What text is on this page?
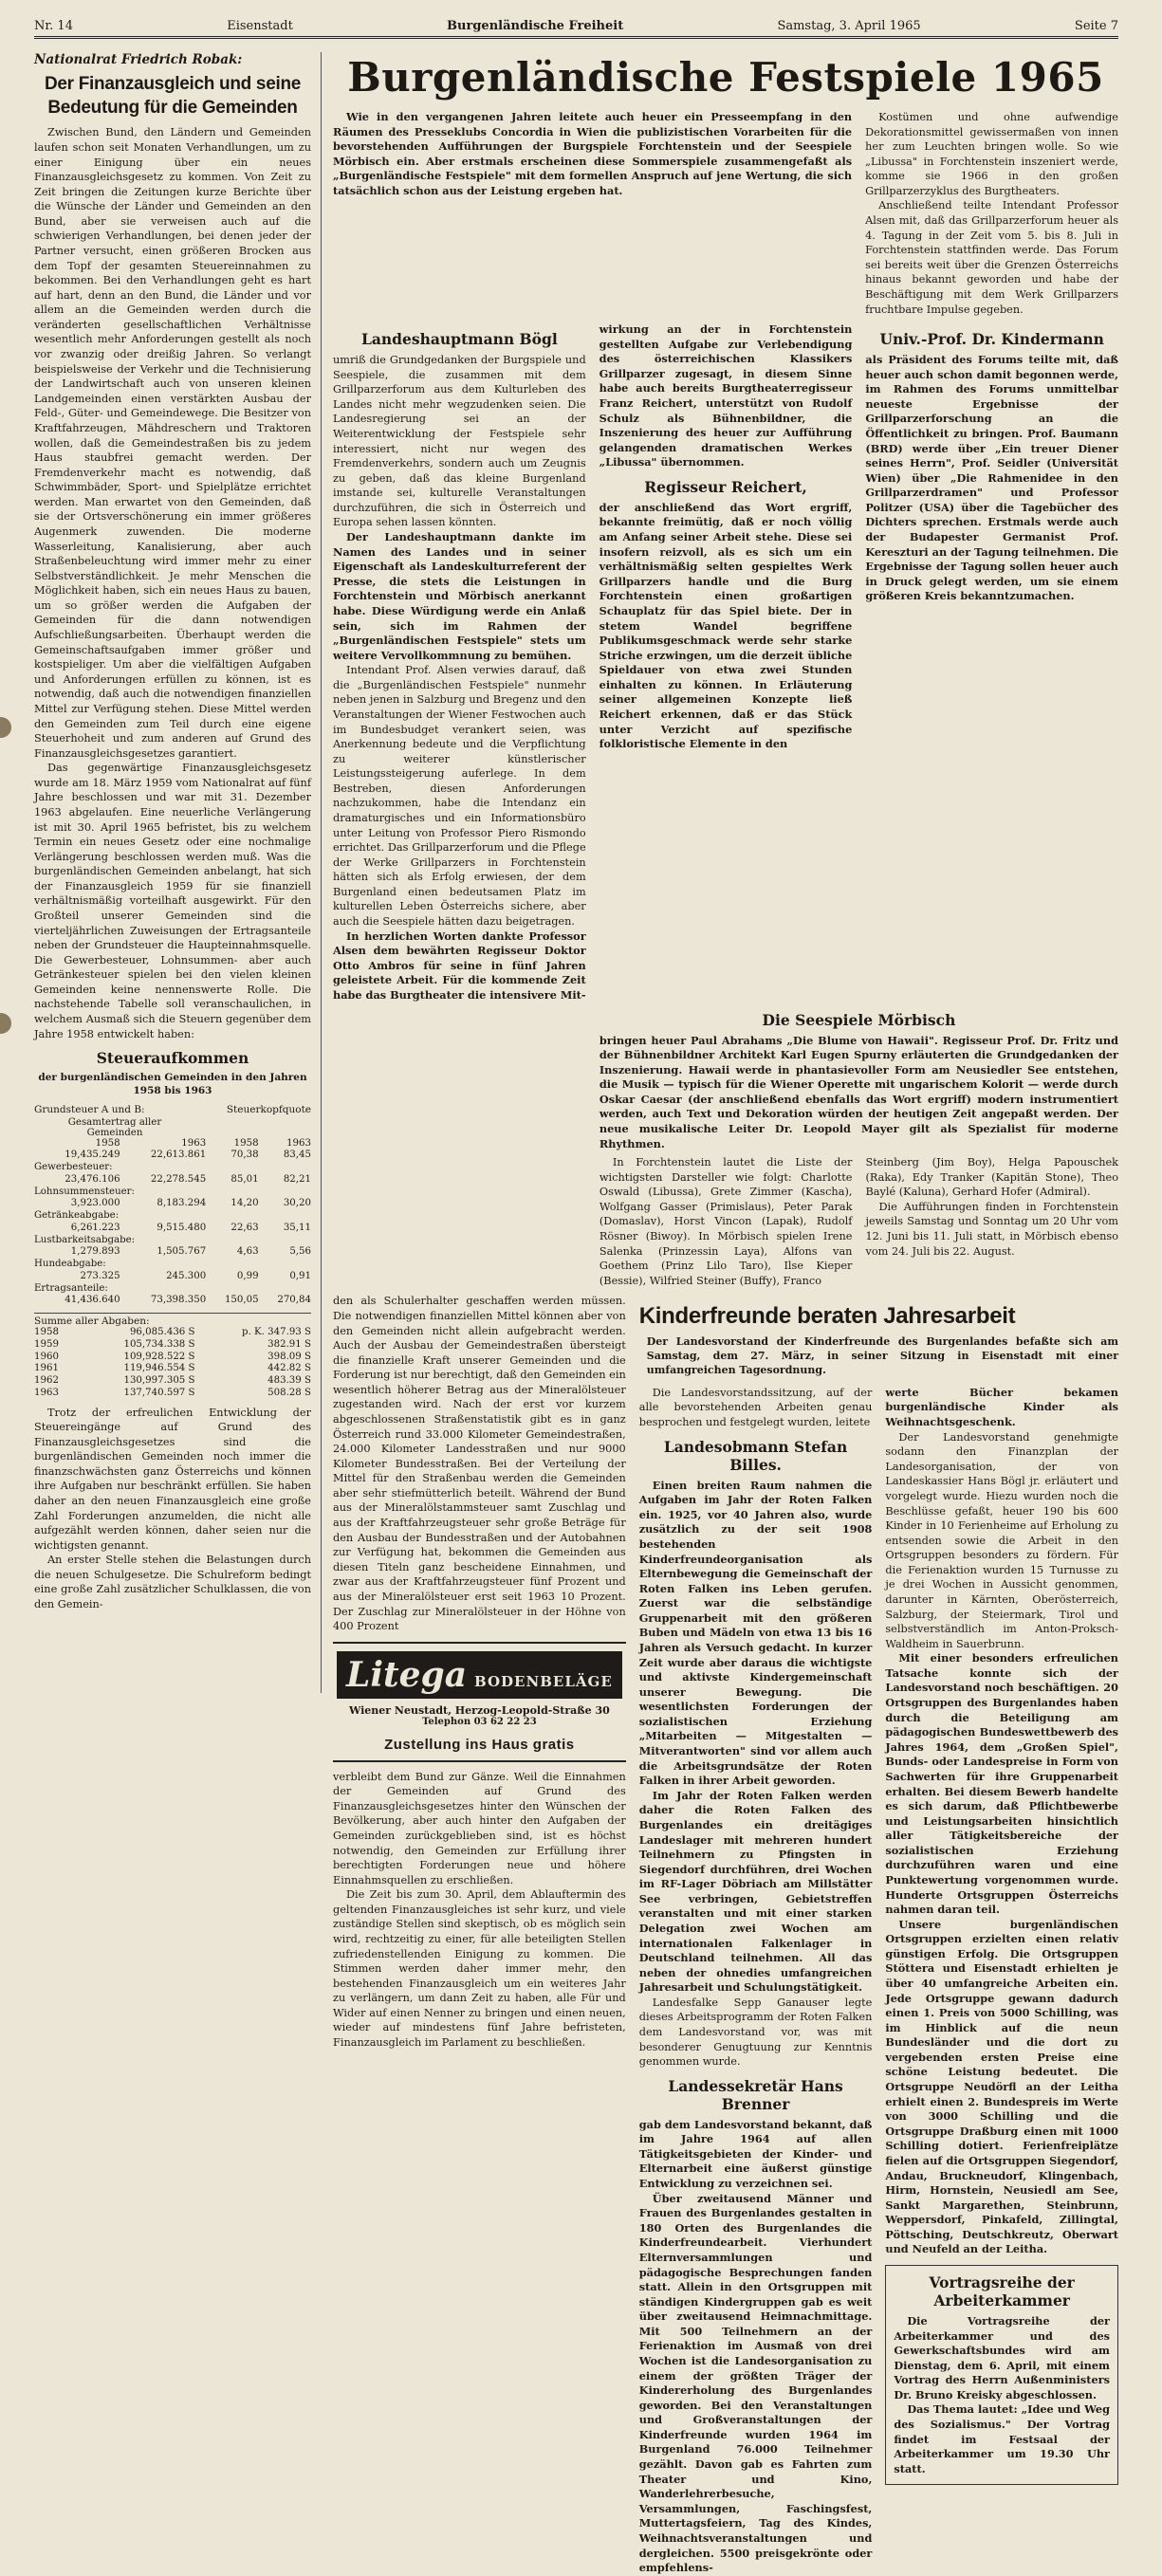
Nr. 14	Eisenstadt	Burgenländische Freiheit	Samstag, 3. April 1965	Seite 7
Nationalrat Friedrich Robak:
Der Finanzausgleich und seine Bedeutung für die Gemeinden

Zwischen Bund, den Ländern und Gemeinden laufen schon seit Monaten Verhandlungen, um zu einer Einigung über ein neues Finanzausgleichsgesetz zu kommen. Von Zeit zu Zeit bringen die Zeitungen kurze Berichte über die Wünsche der Länder und Gemeinden an den Bund, aber sie verweisen auch auf die schwierigen Verhandlungen, bei denen jeder der Partner versucht, einen größeren Brocken aus dem Topf der gesamten Steuereinnahmen zu bekommen. Bei den Verhandlungen geht es hart auf hart, denn an den Bund, die Länder und vor allem an die Gemeinden werden durch die veränderten gesellschaftlichen Verhältnisse wesentlich mehr Anforderungen gestellt als noch vor zwanzig oder dreißig Jahren. So verlangt beispielsweise der Verkehr und die Technisierung der Landwirtschaft auch von unseren kleinen Landgemeinden einen verstärkten Ausbau der Feld-, Güter- und Gemeindewege. Die Besitzer von Kraftfahrzeugen, Mähdreschern und Traktoren wollen, daß die Gemeindestraßen bis zu jedem Haus staubfrei gemacht werden. Der Fremdenverkehr macht es notwendig, daß Schwimmbäder, Sport- und Spielplätze errichtet werden. Man erwartet von den Gemeinden, daß sie der Ortsverschönerung ein immer größeres Augenmerk zuwenden. Die moderne Wasserleitung, Kanalisierung, aber auch Straßenbeleuchtung wird immer mehr zu einer Selbstverständlichkeit. Je mehr Menschen die Möglichkeit haben, sich ein neues Haus zu bauen, um so größer werden die Aufgaben der Gemeinden für die dann notwendigen Aufschließungsarbeiten. Überhaupt werden die Gemeinschaftsaufgaben immer größer und kostspieliger. Um aber die vielfältigen Aufgaben und Anforderungen erfüllen zu können, ist es notwendig, daß auch die notwendigen finanziellen Mittel zur Verfügung stehen. Diese Mittel werden den Gemeinden zum Teil durch eine eigene Steuerhoheit und zum anderen auf Grund des Finanzausgleichsgesetzes garantiert.

Das gegenwärtige Finanzausgleichsgesetz wurde am 18. März 1959 vom Nationalrat auf fünf Jahre beschlossen und war mit 31. Dezember 1963 abgelaufen. Eine neuerliche Verlängerung ist mit 30. April 1965 befristet, bis zu welchem Termin ein neues Gesetz oder eine nochmalige Verlängerung beschlossen werden muß. Was die burgenländischen Gemeinden anbelangt, hat sich der Finanzausgleich 1959 für sie finanziell verhältnismäßig vorteilhaft ausgewirkt. Für den Großteil unserer Gemeinden sind die vierteljährlichen Zuweisungen der Ertragsanteile neben der Grundsteuer die Haupteinnahmsquelle. Die Gewerbesteuer, Lohnsummen- aber auch Getränkesteuer spielen bei den vielen kleinen Gemeinden keine nennenswerte Rolle. Die nachstehende Tabelle soll veranschaulichen, in welchem Ausmaß sich die Steuern gegenüber dem Jahre 1958 entwickelt haben:

Steueraufkommen
der burgenländischen Gemeinden in den Jahren 1958 bis 1963
Grundsteuer A und B:	Steuerkopfquote
Gesamtertrag aller Gemeinden
1958	1963	1958	1963
19,435.249	22,613.861	70,38	83,45
Gewerbesteuer:			
23,476.106	22,278.545	85,01	82,21
Lohnsummensteuer:			
3,923.000	8,183.294	14,20	30,20
Getränkeabgabe:			
6,261.223	9,515.480	22,63	35,11
Lustbarkeitsabgabe:			
1,279.893	1,505.767	4,63	5,56
Hundeabgabe:			
273.325	245.300	0,99	0,91
Ertragsanteile:			
41,436.640	73,398.350	150,05	270,84
Summe aller Abgaben:
1958	96,085.436 S	p. K. 347.93 S
1959	105,734.338 S	382.91 S
1960	109,928.522 S	398.09 S
1961	119,946.554 S	442.82 S
1962	130,997.305 S	483.39 S
1963	137,740.597 S	508.28 S

Trotz der erfreulichen Entwicklung der Steuereingänge auf Grund des Finanzausgleichsgesetzes sind die burgenländischen Gemeinden noch immer die finanzschwächsten ganz Österreichs und können ihre Aufgaben nur beschränkt erfüllen. Sie haben daher an den neuen Finanzausgleich eine große Zahl Forderungen anzumelden, die nicht alle aufgezählt werden können, daher seien nur die wichtigsten genannt.

An erster Stelle stehen die Belastungen durch die neuen Schulgesetze. Die Schulreform bedingt eine große Zahl zusätzlicher Schulklassen, die von den Gemein-

Burgenländische Festspiele 1965

Wie in den vergangenen Jahren leitete auch heuer ein Presseempfang in den Räumen des Presseklubs Concordia in Wien die publizistischen Vorarbeiten für die bevorstehenden Aufführungen der Burgspiele Forchtenstein und der Seespiele Mörbisch ein. Aber erstmals erscheinen diese Sommerspiele zusammengefaßt als „Burgenländische Festspiele" mit dem formellen Anspruch auf jene Wertung, die sich tatsächlich schon aus der Leistung ergeben hat.

Kostümen und ohne aufwendige Dekorationsmittel gewissermaßen von innen her zum Leuchten bringen wolle. So wie „Libussa" in Forchtenstein inszeniert werde, komme sie 1966 in den großen Grillparzerzyklus des Burgtheaters.

Anschließend teilte Intendant Professor Alsen mit, daß das Grillparzerforum heuer als 4. Tagung in der Zeit vom 5. bis 8. Juli in Forchtenstein stattfinden werde. Das Forum sei bereits weit über die Grenzen Österreichs hinaus bekannt geworden und habe der Beschäftigung mit dem Werk Grillparzers fruchtbare Impulse gegeben.

Landeshauptmann Bögl

umriß die Grundgedanken der Burgspiele und Seespiele, die zusammen mit dem Grillparzerforum aus dem Kulturleben des Landes nicht mehr wegzudenken seien. Die Landesregierung sei an der Weiterentwicklung der Festspiele sehr interessiert, nicht nur wegen des Fremdenverkehrs, sondern auch um Zeugnis zu geben, daß das kleine Burgenland imstande sei, kulturelle Veranstaltungen durchzuführen, die sich in Österreich und Europa sehen lassen könnten.

Der Landeshauptmann dankte im Namen des Landes und in seiner Eigenschaft als Landeskulturreferent der Presse, die stets die Leistungen in Forchtenstein und Mörbisch anerkannt habe. Diese Würdigung werde ein Anlaß sein, sich im Rahmen der „Burgenländischen Festspiele" stets um weitere Vervollkommnung zu bemühen.

Intendant Prof. Alsen verwies darauf, daß die „Burgenländischen Festspiele" nunmehr neben jenen in Salzburg und Bregenz und den Veranstaltungen der Wiener Festwochen auch im Bundesbudget verankert seien, was Anerkennung bedeute und die Verpflichtung zu weiterer künstlerischer Leistungssteigerung auferlege. In dem Bestreben, diesen Anforderungen nachzukommen, habe die Intendanz ein dramaturgisches und ein Informationsbüro unter Leitung von Professor Piero Rismondo errichtet. Das Grillparzerforum und die Pflege der Werke Grillparzers in Forchtenstein hätten sich als Erfolg erwiesen, der dem Burgenland einen bedeutsamen Platz im kulturellen Leben Österreichs sichere, aber auch die Seespiele hätten dazu beigetragen.

In herzlichen Worten dankte Professor Alsen dem bewährten Regisseur Doktor Otto Ambros für seine in fünf Jahren geleistete Arbeit. Für die kommende Zeit habe das Burgtheater die intensivere Mit-

wirkung an der in Forchtenstein gestellten Aufgabe zur Verlebendigung des österreichischen Klassikers Grillparzer zugesagt, in diesem Sinne habe auch bereits Burgtheaterregisseur Franz Reichert, unterstützt von Rudolf Schulz als Bühnenbildner, die Inszenierung des heuer zur Aufführung gelangenden dramatischen Werkes „Libussa" übernommen.

Regisseur Reichert,

der anschließend das Wort ergriff, bekannte freimütig, daß er noch völlig am Anfang seiner Arbeit stehe. Diese sei insofern reizvoll, als es sich um ein verhältnismäßig selten gespieltes Werk Grillparzers handle und die Burg Forchtenstein einen großartigen Schauplatz für das Spiel biete. Der in stetem Wandel begriffene Publikumsgeschmack werde sehr starke Striche erzwingen, um die derzeit übliche Spieldauer von etwa zwei Stunden einhalten zu können. In Erläuterung seiner allgemeinen Konzepte ließ Reichert erkennen, daß er das Stück unter Verzicht auf spezifische folkloristische Elemente in den

Univ.-Prof. Dr. Kindermann

als Präsident des Forums teilte mit, daß heuer auch schon damit begonnen werde, im Rahmen des Forums unmittelbar neueste Ergebnisse der Grillparzerforschung an die Öffentlichkeit zu bringen. Prof. Baumann (BRD) werde über „Ein treuer Diener seines Herrn", Prof. Seidler (Universität Wien) über „Die Rahmenidee in den Grillparzerdramen" und Professor Politzer (USA) über die Tagebücher des Dichters sprechen. Erstmals werde auch der Budapester Germanist Prof. Kereszturi an der Tagung teilnehmen. Die Ergebnisse der Tagung sollen heuer auch in Druck gelegt werden, um sie einem größeren Kreis bekanntzumachen.

Die Seespiele Mörbisch

bringen heuer Paul Abrahams „Die Blume von Hawaii". Regisseur Prof. Dr. Fritz und der Bühnenbildner Architekt Karl Eugen Spurny erläuterten die Grundgedanken der Inszenierung. Hawaii werde in phantasievoller Form am Neusiedler See entstehen, die Musik — typisch für die Wiener Operette mit ungarischem Kolorit — werde durch Oskar Caesar (der anschließend ebenfalls das Wort ergriff) modern instrumentiert werden, auch Text und Dekoration würden der heutigen Zeit angepaßt werden. Der neue musikalische Leiter Dr. Leopold Mayer gilt als Spezialist für moderne Rhythmen.

In Forchtenstein lautet die Liste der wichtigsten Darsteller wie folgt: Charlotte Oswald (Libussa), Grete Zimmer (Kascha), Wolfgang Gasser (Primislaus), Peter Parak (Domaslav), Horst Vincon (Lapak), Rudolf Rösner (Biwoy). In Mörbisch spielen Irene Salenka (Prinzessin Laya), Alfons van Goethem (Prinz Lilo Taro), Ilse Kieper (Bessie), Wilfried Steiner (Buffy), Franco

Steinberg (Jim Boy), Helga Papouschek (Raka), Edy Tranker (Kapitän Stone), Theo Baylé (Kaluna), Gerhard Hofer (Admiral).

Die Aufführungen finden in Forchtenstein jeweils Samstag und Sonntag um 20 Uhr vom 12. Juni bis 11. Juli statt, in Mörbisch ebenso vom 24. Juli bis 22. August.

den als Schulerhalter geschaffen werden müssen. Die notwendigen finanziellen Mittel können aber von den Gemeinden nicht allein aufgebracht werden. Auch der Ausbau der Gemeindestraßen übersteigt die finanzielle Kraft unserer Gemeinden und die Forderung ist nur berechtigt, daß den Gemeinden ein wesentlich höherer Betrag aus der Mineralölsteuer zugestanden wird. Nach der erst vor kurzem abgeschlossenen Straßenstatistik gibt es in ganz Österreich rund 33.000 Kilometer Gemeindestraßen, 24.000 Kilometer Landesstraßen und nur 9000 Kilometer Bundesstraßen. Bei der Verteilung der Mittel für den Straßenbau werden die Gemeinden aber sehr stiefmütterlich beteilt. Während der Bund aus der Mineralölstammsteuer samt Zuschlag und aus der Kraftfahrzeugsteuer sehr große Beträge für den Ausbau der Bundesstraßen und der Autobahnen zur Verfügung hat, bekommen die Gemeinden aus diesen Titeln ganz bescheidene Einnahmen, und zwar aus der Kraftfahrzeugsteuer fünf Prozent und aus der Mineralölsteuer erst seit 1963 10 Prozent. Der Zuschlag zur Mineralölsteuer in der Höhne von 400 Prozent

Litega BODENBELÄGE
Wiener Neustadt, Herzog-Leopold-Straße 30
Telephon 03 62 22 23
Zustellung ins Haus gratis

verbleibt dem Bund zur Gänze. Weil die Einnahmen der Gemeinden auf Grund des Finanzausgleichsgesetzes hinter den Wünschen der Bevölkerung, aber auch hinter den Aufgaben der Gemeinden zurückgeblieben sind, ist es höchst notwendig, den Gemeinden zur Erfüllung ihrer berechtigten Forderungen neue und höhere Einnahmsquellen zu erschließen.

Die Zeit bis zum 30. April, dem Ablauftermin des geltenden Finanzausgleiches ist sehr kurz, und viele zuständige Stellen sind skeptisch, ob es möglich sein wird, rechtzeitig zu einer, für alle beteiligten Stellen zufriedenstellenden Einigung zu kommen. Die Stimmen werden daher immer mehr, den bestehenden Finanzausgleich um ein weiteres Jahr zu verlängern, um dann Zeit zu haben, alle Für und Wider auf einen Nenner zu bringen und einen neuen, wieder auf mindestens fünf Jahre befristeten, Finanzausgleich im Parlament zu beschließen.

Kinderfreunde beraten Jahresarbeit
Der Landesvorstand der Kinderfreunde des Burgenlandes befaßte sich am Samstag, dem 27. März, in seiner Sitzung in Eisenstadt mit einer umfangreichen Tagesordnung.

Die Landesvorstandssitzung, auf der alle bevorstehenden Arbeiten genau besprochen und festgelegt wurden, leitete

Landesobmann Stefan Billes.

Einen breiten Raum nahmen die Aufgaben im Jahr der Roten Falken ein. 1925, vor 40 Jahren also, wurde zusätzlich zu der seit 1908 bestehenden Kinderfreundeorganisation als Elternbewegung die Gemeinschaft der Roten Falken ins Leben gerufen. Zuerst war die selbständige Gruppenarbeit mit den größeren Buben und Mädeln von etwa 13 bis 16 Jahren als Versuch gedacht. In kurzer Zeit wurde aber daraus die wichtigste und aktivste Kindergemeinschaft unserer Bewegung. Die wesentlichsten Forderungen der sozialistischen Erziehung „Mitarbeiten — Mitgestalten — Mitverantworten" sind vor allem auch die Arbeitsgrundsätze der Roten Falken in ihrer Arbeit geworden.

Im Jahr der Roten Falken werden daher die Roten Falken des Burgenlandes ein dreitägiges Landeslager mit mehreren hundert Teilnehmern zu Pfingsten in Siegendorf durchführen, drei Wochen im RF-Lager Döbriach am Millstätter See verbringen, Gebietstreffen veranstalten und mit einer starken Delegation zwei Wochen am internationalen Falkenlager in Deutschland teilnehmen. All das neben der ohnedies umfangreichen Jahresarbeit und Schulungstätigkeit.

Landesfalke Sepp Ganauser legte dieses Arbeitsprogramm der Roten Falken dem Landesvorstand vor, was mit besonderer Genugtuung zur Kenntnis genommen wurde.

Landessekretär Hans Brenner

gab dem Landesvorstand bekannt, daß im Jahre 1964 auf allen Tätigkeitsgebieten der Kinder- und Elternarbeit eine äußerst günstige Entwicklung zu verzeichnen sei.

Über zweitausend Männer und Frauen des Burgenlandes gestalten in 180 Orten des Burgenlandes die Kinderfreundearbeit. Vierhundert Elternversammlungen und pädagogische Besprechungen fanden statt. Allein in den Ortsgruppen mit ständigen Kindergruppen gab es weit über zweitausend Heimnachmittage. Mit 500 Teilnehmern an der Ferienaktion im Ausmaß von drei Wochen ist die Landesorganisation zu einem der größten Träger der Kindererholung des Burgenlandes geworden. Bei den Veranstaltungen und Großveranstaltungen der Kinderfreunde wurden 1964 im Burgenland 76.000 Teilnehmer gezählt. Davon gab es Fahrten zum Theater und Kino, Wanderlehrerbesuche, Versammlungen, Faschingsfest, Muttertagsfeiern, Tag des Kindes, Weihnachtsveranstaltungen und dergleichen. 5500 preisgekrönte oder empfehlens-

werte Bücher bekamen burgenländische Kinder als Weihnachtsgeschenk.

Der Landesvorstand genehmigte sodann den Finanzplan der Landesorganisation, der von Landeskassier Hans Bögl jr. erläutert und vorgelegt wurde. Hiezu wurden noch die Beschlüsse gefaßt, heuer 190 bis 600 Kinder in 10 Ferienheime auf Erholung zu entsenden sowie die Arbeit in den Ortsgruppen besonders zu fördern. Für die Ferienaktion wurden 15 Turnusse zu je drei Wochen in Aussicht genommen, darunter in Kärnten, Oberösterreich, Salzburg, der Steiermark, Tirol und selbstverständlich im Anton-Proksch-Waldheim in Sauerbrunn.

Mit einer besonders erfreulichen Tatsache konnte sich der Landesvorstand noch beschäftigen. 20 Ortsgruppen des Burgenlandes haben durch die Beteiligung am pädagogischen Bundeswettbewerb des Jahres 1964, dem „Großen Spiel", Bunds- oder Landespreise in Form von Sachwerten für ihre Gruppenarbeit erhalten. Bei diesem Bewerb handelte es sich darum, daß Pflichtbewerbe und Leistungsarbeiten hinsichtlich aller Tätigkeitsbereiche der sozialistischen Erziehung durchzuführen waren und eine Punktewertung vorgenommen wurde. Hunderte Ortsgruppen Österreichs nahmen daran teil.

Unsere burgenländischen Ortsgruppen erzielten einen relativ günstigen Erfolg. Die Ortsgruppen Stöttera und Eisenstadt erhielten je über 40 umfangreiche Arbeiten ein. Jede Ortsgruppe gewann dadurch einen 1. Preis von 5000 Schilling, was im Hinblick auf die neun Bundesländer und die dort zu vergebenden ersten Preise eine schöne Leistung bedeutet. Die Ortsgruppe Neudörfl an der Leitha erhielt einen 2. Bundespreis im Werte von 3000 Schilling und die Ortsgruppe Draßburg einen mit 1000 Schilling dotiert. Ferienfreiplätze fielen auf die Ortsgruppen Siegendorf, Andau, Bruckneudorf, Klingenbach, Hirm, Hornstein, Neusiedl am See, Sankt Margarethen, Steinbrunn, Weppersdorf, Pinkafeld, Zillingtal, Pöttsching, Deutschkreutz, Oberwart und Neufeld an der Leitha.

Vortragsreihe der Arbeiterkammer

Die Vortragsreihe der Arbeiterkammer und des Gewerkschaftsbundes wird am Dienstag, dem 6. April, mit einem Vortrag des Herrn Außenministers Dr. Bruno Kreisky abgeschlossen.

Das Thema lautet: „Idee und Weg des Sozialismus." Der Vortrag findet im Festsaal der Arbeiterkammer um 19.30 Uhr statt.
